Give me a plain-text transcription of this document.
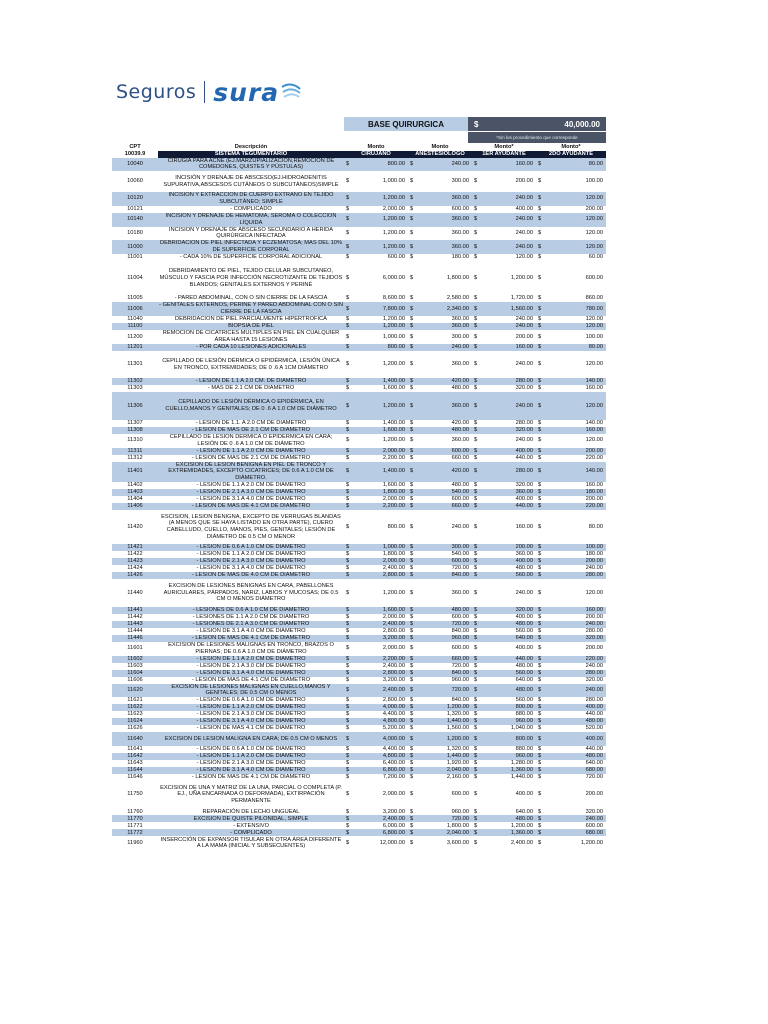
Seguros sura
BASE QUIRURGICA	$	40,000.00
*Sin los procedimiento que corresponde
CPT	Descripción	Monto	Monto	Monto*	Monto*
10039.9	SISTEMA TEGUMENTARIO	CIRUJANO	ANESTESIOLOGO	1ER AYUDANTE	2DO AYUDANTE
10040	CIRUGÍA PARA ACNÉ (EJ.MARZUPIALIZACIÓN,REMOCIÓN DE COMEDONES, QUISTES Y PÚSTULAS)	$ 800.00	$ 240.00	$ 160.00	$ 80.00

10060	INCISIÓN Y DRENAJE DE ABSCESO(EJ.HIDROADENITIS SUPURATIVA,ABSCESOS CUTÁNEOS O SUBCUTÁNEOS)SIMPLE	$ 1,000.00	$ 300.00	$ 200.00	$ 100.00

10120	INCISIÓN Y EXTRACCIÓN DE CUERPO EXTRAÑO EN TEJIDO SUBCUTÁNEO; SIMPLE	$ 1,200.00	$ 360.00	$ 240.00	$ 120.00

10121	- COMPLICADO	$ 2,000.00	$ 600.00	$ 400.00	$ 200.00

10140	INCISIÓN Y DRENAJE DE HEMATOMA, SEROMA O COLECCIÓN LÍQUIDA	$ 1,200.00	$ 360.00	$ 240.00	$ 120.00

10180	INCISIÓN Y DRENAJE DE ABSCESO SECUNDARIO A HERIDA QUIRÚRGICA INFECTADA	$ 1,200.00	$ 360.00	$ 240.00	$ 120.00

11000	DEBRIDACIÓN DE PIEL INFECTADA Y ECZEMATOSA; MÁS DEL 10% DE SUPERFICIE CORPORAL	$ 1,200.00	$ 360.00	$ 240.00	$ 120.00

11001	- CADA 10% DE SUPERFICIE CORPORAL ADICIONAL	$ 600.00	$ 180.00	$ 120.00	$ 60.00

11004	DEBRIDAMIENTO DE PIEL, TEJIDO CELULAR SUBCUTANEO, MÚSCULO Y FASCIA POR INFECCIÓN NECROTIZANTE DE TEJIDOS BLANDOS; GENITALES EXTERNOS Y PERINÉ	$ 6,000.00	$ 1,800.00	$ 1,200.00	$ 600.00

11005	- PARED ABDOMINAL, CON O SIN CIERRE DE LA FASCIA	$ 8,600.00	$ 2,580.00	$ 1,720.00	$ 860.00

11006	- GENITALES EXTERNOS, PERINE Y PARED ABDOMINAL CON O SIN CIERRE DE LA FASCIA	$ 7,800.00	$ 2,340.00	$ 1,560.00	$ 780.00

11040	DEBRIDACION DE PIEL PARCIALMENTE HIPERTROFICA	$ 1,200.00	$ 360.00	$ 240.00	$ 120.00

11100	BIOPSIA DE PIEL	$ 1,200.00	$ 360.00	$ 240.00	$ 120.00

11200	REMOCIÓN DE CICATRICES MÚLTIPLES EN PIEL EN CUALQUIER ÁREA HASTA 15 LESIONES	$ 1,000.00	$ 300.00	$ 200.00	$ 100.00

11201	- POR CADA 10 LESIONES ADICIONALES	$ 800.00	$ 240.00	$ 160.00	$ 80.00

11301	CEPILLADO DE LESIÓN DÉRMICA O EPIDÉRMICA, LESIÓN ÚNICA EN TRONCO, EXTREMIDADES; DE 0 .6 A 1CM DIÁMETRO	$ 1,200.00	$ 360.00	$ 240.00	$ 120.00

11302	- LESIÓN DE 1.1 A 2.0 CM. DE DIÁMETRO	$ 1,400.00	$ 420.00	$ 280.00	$ 140.00

11303	- MÁS DE 2.1 CM DE DIÁMETRO	$ 1,600.00	$ 480.00	$ 320.00	$ 160.00

11306	CEPILLADO DE LESIÓN DÉRMICA O EPIDÉRMICA, EN CUELLO,MANOS Y GENITALES; DE 0 .6 A 1.0 CM DE DIÁMETRO	$ 1,200.00	$ 360.00	$ 240.00	$ 120.00

11307	- LESIÓN DE 1.1. A 2.0 CM DE DIÁMETRO	$ 1,400.00	$ 420.00	$ 280.00	$ 140.00

11308	- LESIÓN DE MÁS DE 2.1 CM DE DIÁMETRO	$ 1,600.00	$ 480.00	$ 320.00	$ 160.00

11310	CEPILLADO DE LESIÓN DÉRMICA O EPIDÉRMICA EN CARA; LESIÓN DE 0 .6 A 1.0 CM DE DIÁMETRO	$ 1,200.00	$ 360.00	$ 240.00	$ 120.00

11311	- LESIÓN DE 1.1 A 2.0 CM DE DIÁMETRO	$ 2,000.00	$ 600.00	$ 400.00	$ 200.00

11312	- LESIÓN DE MÁS DE 2.1 CM DE DIÁMETRO	$ 2,200.00	$ 660.00	$ 440.00	$ 220.00

11401	EXCISIÓN DE LESIÓN BENIGNA EN PIEL DE TRONCO Y EXTREMIDADES, EXCEPTO CICATRICES; DE 0.6 A 1.0 CM DE DIÁMETRO.	$ 1,400.00	$ 420.00	$ 280.00	$ 140.00

11402	- LESIÓN DE 1.1 A 2.0 CM DE DIÁMETRO	$ 1,600.00	$ 480.00	$ 320.00	$ 160.00

11403	- LESIÓN DE 2.1 A 3.0 CM DE DIÁMETRO	$ 1,800.00	$ 540.00	$ 360.00	$ 180.00

11404	- LESIÓN DE 3.1 A 4.0 CM DE DIÁMETRO	$ 2,000.00	$ 600.00	$ 400.00	$ 200.00

11406	- LESIÓN DE MÁS DE 4.1 CM DE DIÁMETRO	$ 2,200.00	$ 660.00	$ 440.00	$ 220.00

11420	ESCISION, LESION BENIGNA, EXCEPTO DE VERRUGAS BLANDAS (A MENOS QUE SE HAYA LISTADO EN OTRA PARTE), CUERO CABELLUDO, CUELLO, MANOS, PIES, GENITALES; LESIÓN DE DIÁMETRO DE 0.5 CM O MENOR	$ 800.00	$ 240.00	$ 160.00	$ 80.00

11421	- LESIÓN DE 0.6 A 1.0 CM DE DIÁMETRO	$ 1,000.00	$ 300.00	$ 200.00	$ 100.00

11422	- LESIÓN DE 1.1 A 2.0 CM DE DIÁMETRO	$ 1,800.00	$ 540.00	$ 360.00	$ 180.00

11423	- LESIÓN DE 2.1 A 3.0 CM DE DIÁMETRO	$ 2,000.00	$ 600.00	$ 400.00	$ 200.00

11424	- LESIÓN DE 3.1 A 4.0 CM DE DIÁMETRO	$ 2,400.00	$ 720.00	$ 480.00	$ 240.00

11426	- LESIÓN DE MÁS DE 4.0 CM DE DIÁMETRO	$ 2,800.00	$ 840.00	$ 560.00	$ 280.00

11440	EXCISION DE LESIONES BENIGNAS EN CARA, PABELLONES AURICULARES, PÁRPADOS, NARIZ, LABIOS Y MUCOSAS; DE 0.5 CM O MENOS DIÁMETRO	$ 1,200.00	$ 360.00	$ 240.00	$ 120.00

11441	- LESIONES DE 0.6 A 1.0 CM DE DIÁMETRO	$ 1,600.00	$ 480.00	$ 320.00	$ 160.00

11442	- LESIONES DE 1.1 A 2.0 CM DE DIÁMETRO	$ 2,000.00	$ 600.00	$ 400.00	$ 200.00

11443	- LESIONES DE 2.1 A 3.0 CM DE DIÁMETRO	$ 2,400.00	$ 720.00	$ 480.00	$ 240.00

11444	- LESIÓN DE 3.1 A 4.0 CM DE DIÁMETRO	$ 2,800.00	$ 840.00	$ 560.00	$ 280.00

11446	- LESIÓN DE MÁS DE 4.1 CM DE DIÁMETRO	$ 3,200.00	$ 960.00	$ 640.00	$ 320.00

11601	EXCISION DE LESIONES MALIGNAS EN TRONCO, BRAZOS O PIERNAS; DE 0.6 A 1.0 CM DE DIÁMETRO	$ 2,000.00	$ 600.00	$ 400.00	$ 200.00

11602	- LESIÓN DE 1.1 A 2.0 CM DE DIÁMETRO	$ 2,200.00	$ 660.00	$ 440.00	$ 220.00

11603	- LESIÓN DE 2.1 A 3.0 CM DE DIÁMETRO	$ 2,400.00	$ 720.00	$ 480.00	$ 240.00

11604	- LESIÓN DE 3.1 A 4.0 CM DE DIÁMETRO	$ 2,800.00	$ 840.00	$ 560.00	$ 280.00

11606	- LESIÓN DE MÁS DE 4.1 CM DE DIÁMETRO	$ 3,200.00	$ 960.00	$ 640.00	$ 320.00

11620	EXCISIÓN DE LESIONES MALIGNAS EN CUELLO,MANOS Y GENITALES; DE 0.5 CM O MENOS	$ 2,400.00	$ 720.00	$ 480.00	$ 240.00

11621	- LESIÓN DE 0.6 A 1.0 CM DE DIÁMETRO	$ 2,800.00	$ 840.00	$ 560.00	$ 280.00

11622	- LESIÓN DE 1.1 A 2.0 CM DE DIÁMETRO	$ 4,000.00	$ 1,200.00	$ 800.00	$ 400.00

11623	- LESIÓN DE 2.1 A 3.0 CM DE DIÁMETRO	$ 4,400.00	$ 1,320.00	$ 880.00	$ 440.00

11624	- LESIÓN DE 3.1 A 4.0 CM DE DIÁMETRO	$ 4,800.00	$ 1,440.00	$ 960.00	$ 480.00

11626	- LESIÓN DE MÁS 4.1 CM DE DIÁMETRO	$ 5,200.00	$ 1,560.00	$ 1,040.00	$ 520.00

11640	EXCISION DE LESION MALIGNA EN CARA; DE 0.5 CM O MENOS	$ 4,000.00	$ 1,200.00	$ 800.00	$ 400.00

11641	- LESIÓN DE 0.6 A 1.0 CM DE DIÁMETRO	$ 4,400.00	$ 1,320.00	$ 880.00	$ 440.00

11642	- LESIÓN DE 1.1 A 2.0 CM DE DIÁMETRO	$ 4,800.00	$ 1,440.00	$ 960.00	$ 480.00

11643	- LESIÓN DE 2.1 A 3.0 CM DE DIÁMETRO	$ 6,400.00	$ 1,920.00	$ 1,280.00	$ 640.00

11644	- LESIÓN DE 3.1 A 4.0 CM DE DIÁMETRO	$ 6,800.00	$ 2,040.00	$ 1,360.00	$ 680.00

11646	- LESIÓN DE MÁS DE 4.1 CM DE DIÁMETRO	$ 7,200.00	$ 2,160.00	$ 1,440.00	$ 720.00

11750	EXCISION DE UNA Y MATRIZ DE LA UNA, PARCIAL O COMPLETA (P. EJ., UÑA ENCARNADA O DEFORMADA), EXTIRPACIÓN PERMANENTE	$ 2,000.00	$ 600.00	$ 400.00	$ 200.00

11760	REPARACIÓN DE LECHO UNGUEAL	$ 3,200.00	$ 960.00	$ 640.00	$ 320.00

11770	EXCISION DE QUISTE PILONIDAL, SIMPLE	$ 2,400.00	$ 720.00	$ 480.00	$ 240.00

11771	- EXTENSIVO	$ 6,000.00	$ 1,800.00	$ 1,200.00	$ 600.00

11772	- COMPLICADO	$ 6,800.00	$ 2,040.00	$ 1,360.00	$ 680.00

11960	INSERCCIÓN DE EXPANSOR TISULAR EN OTRA ÁREA DIFERENTE A LA MAMA (INICIAL Y SUBSECUENTES)	$ 12,000.00	$ 3,600.00	$ 2,400.00	$ 1,200.00
